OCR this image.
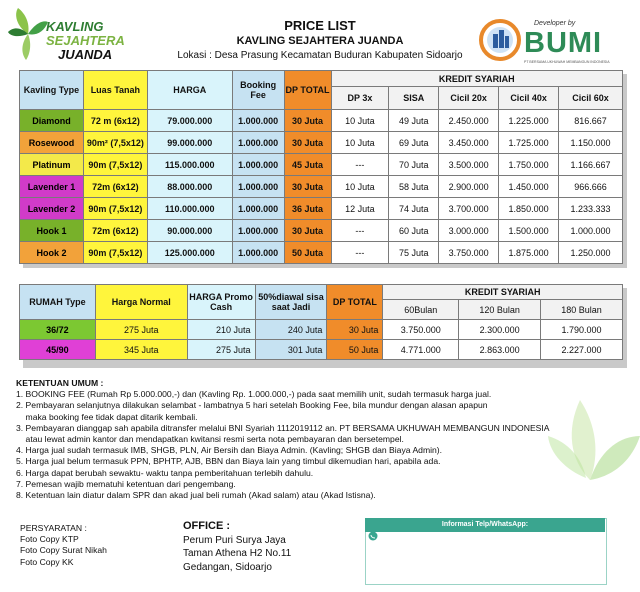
KAVLING
SEJAHTERA
JUANDA
PRICE LIST
KAVLING SEJAHTERA JUANDA
Lokasi : Desa Prasung Kecamatan Buduran Kabupaten Sidoarjo
Developer by
BUMI
PT BERSAMA UKHUWAH MEMBANGUN INDONESIA
Kavling Type	Luas Tanah	HARGA	Booking Fee	DP TOTAL	KREDIT SYARIAH				
					DP 3x	SISA	Cicil 20x	Cicil 40x	Cicil 60x
Diamond	72 m (6x12)	79.000.000	1.000.000	30 Juta	10 Juta	49 Juta	2.450.000	1.225.000	816.667
Rosewood	90m² (7,5x12)	99.000.000	1.000.000	30 Juta	10 Juta	69 Juta	3.450.000	1.725.000	1.150.000
Platinum	90m (7,5x12)	115.000.000	1.000.000	45 Juta	---	70 Juta	3.500.000	1.750.000	1.166.667
Lavender 1	72m (6x12)	88.000.000	1.000.000	30 Juta	10 Juta	58 Juta	2.900.000	1.450.000	966.666
Lavender 2	90m (7,5x12)	110.000.000	1.000.000	36 Juta	12 Juta	74 Juta	3.700.000	1.850.000	1.233.333
Hook 1	72m (6x12)	90.000.000	1.000.000	30 Juta	---	60 Juta	3.000.000	1.500.000	1.000.000
Hook 2	90m (7,5x12)	125.000.000	1.000.000	50 Juta	---	75 Juta	3.750.000	1.875.000	1.250.000
RUMAH Type	Harga Normal	HARGA Promo Cash	50%diawal sisa saat Jadi	DP TOTAL	KREDIT SYARIAH		
					60Bulan	120 Bulan	180 Bulan
36/72	275 Juta	210 Juta	240 Juta	30 Juta	3.750.000	2.300.000	1.790.000
45/90	345 Juta	275 Juta	301 Juta	50 Juta	4.771.000	2.863.000	2.227.000
KETENTUAN UMUM :
1. BOOKING FEE (Rumah Rp 5.000.000,-) dan (Kavling Rp. 1.000.000,-) pada saat memilih unit, sudah termasuk harga jual.
2. Pembayaran selanjutnya dilakukan selambat - lambatnya 5 hari setelah Booking Fee, bila mundur dengan alasan apapun
maka booking fee tidak dapat ditarik kembali.
3. Pembayaran dianggap sah apabila ditransfer melalui BNI Syariah 1112019112 an. PT BERSAMA UKHUWAH MEMBANGUN INDONESIA
atau lewat admin kantor dan mendapatkan kwitansi resmi serta nota pembayaran dan bersetempel.
4. Harga jual sudah termasuk IMB, SHGB, PLN, Air Bersih dan Biaya Admin. (Kavling; SHGB dan Biaya Admin).
5. Harga jual belum termasuk PPN, BPHTP, AJB, BBN dan Biaya lain yang timbul dikemudian hari, apabila ada.
6. Harga dapat berubah sewaktu- waktu tanpa pemberitahuan terlebih dahulu.
7. Pemesan wajib mematuhi ketentuan dari pengembang.
8. Ketentuan lain diatur dalam SPR dan akad jual beli rumah (Akad salam) atau (Akad Istisna).
PERSYARATAN :
Foto Copy KTP
Foto Copy Surat Nikah
Foto Copy KK
OFFICE :
Perum Puri Surya Jaya
Taman Athena H2 No.11
Gedangan, Sidoarjo
Informasi Telp/WhatsApp:
